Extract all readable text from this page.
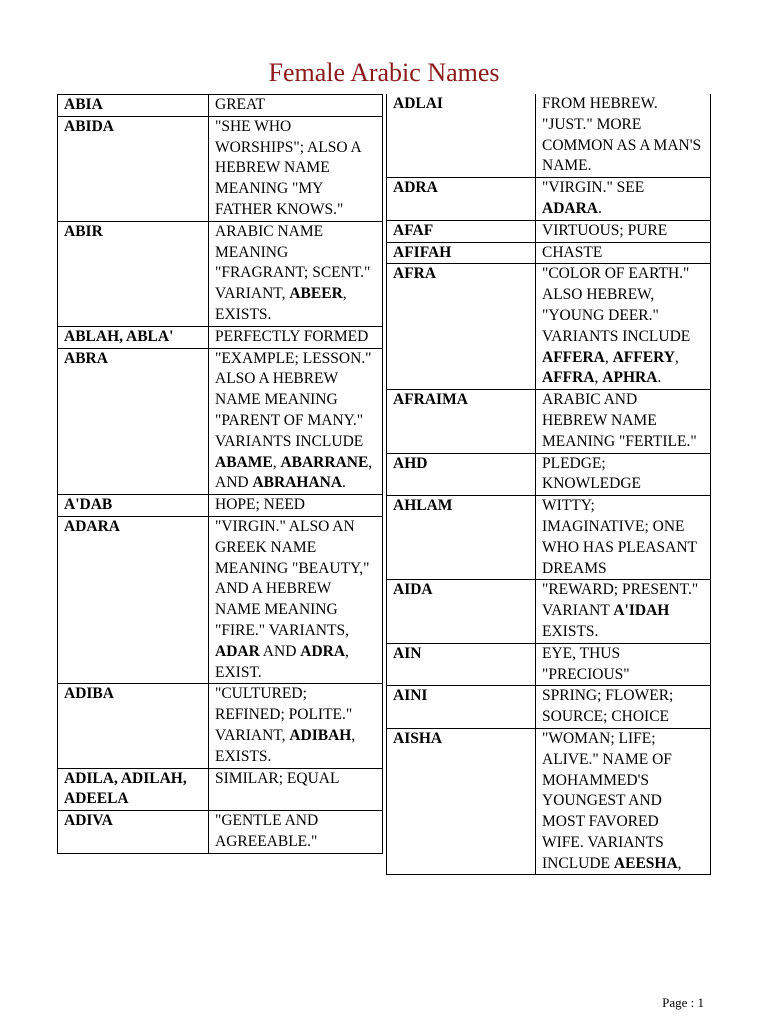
Female Arabic Names
ABIA	GREAT
ABIDA	"SHE WHO WORSHIPS"; ALSO A HEBREW NAME MEANING "MY FATHER KNOWS."
ABIR	ARABIC NAME MEANING "FRAGRANT; SCENT." VARIANT, ABEER, EXISTS.
ABLAH, ABLA'	PERFECTLY FORMED
ABRA	"EXAMPLE; LESSON." ALSO A HEBREW NAME MEANING "PARENT OF MANY." VARIANTS INCLUDE ABAME, ABARRANE, AND ABRAHANA.
A'DAB	HOPE; NEED
ADARA	"VIRGIN." ALSO AN GREEK NAME MEANING "BEAUTY," AND A HEBREW NAME MEANING "FIRE." VARIANTS, ADAR AND ADRA, EXIST.
ADIBA	"CULTURED; REFINED; POLITE." VARIANT, ADIBAH, EXISTS.
ADILA, ADILAH, ADEELA	SIMILAR; EQUAL
ADIVA	"GENTLE AND AGREEABLE."
ADLAI	FROM HEBREW. "JUST." MORE COMMON AS A MAN'S NAME.
ADRA	"VIRGIN." SEE ADARA.
AFAF	VIRTUOUS; PURE
AFIFAH	CHASTE
AFRA	"COLOR OF EARTH." ALSO HEBREW, "YOUNG DEER." VARIANTS INCLUDE AFFERA, AFFERY, AFFRA, APHRA.
AFRAIMA	ARABIC AND HEBREW NAME MEANING "FERTILE."
AHD	PLEDGE; KNOWLEDGE
AHLAM	WITTY; IMAGINATIVE; ONE WHO HAS PLEASANT DREAMS
AIDA	"REWARD; PRESENT." VARIANT A'IDAH EXISTS.
AIN	EYE, THUS "PRECIOUS"
AINI	SPRING; FLOWER; SOURCE; CHOICE
AISHA	"WOMAN; LIFE; ALIVE." NAME OF MOHAMMED'S YOUNGEST AND MOST FAVORED WIFE. VARIANTS INCLUDE AEESHA,
Page : 1
